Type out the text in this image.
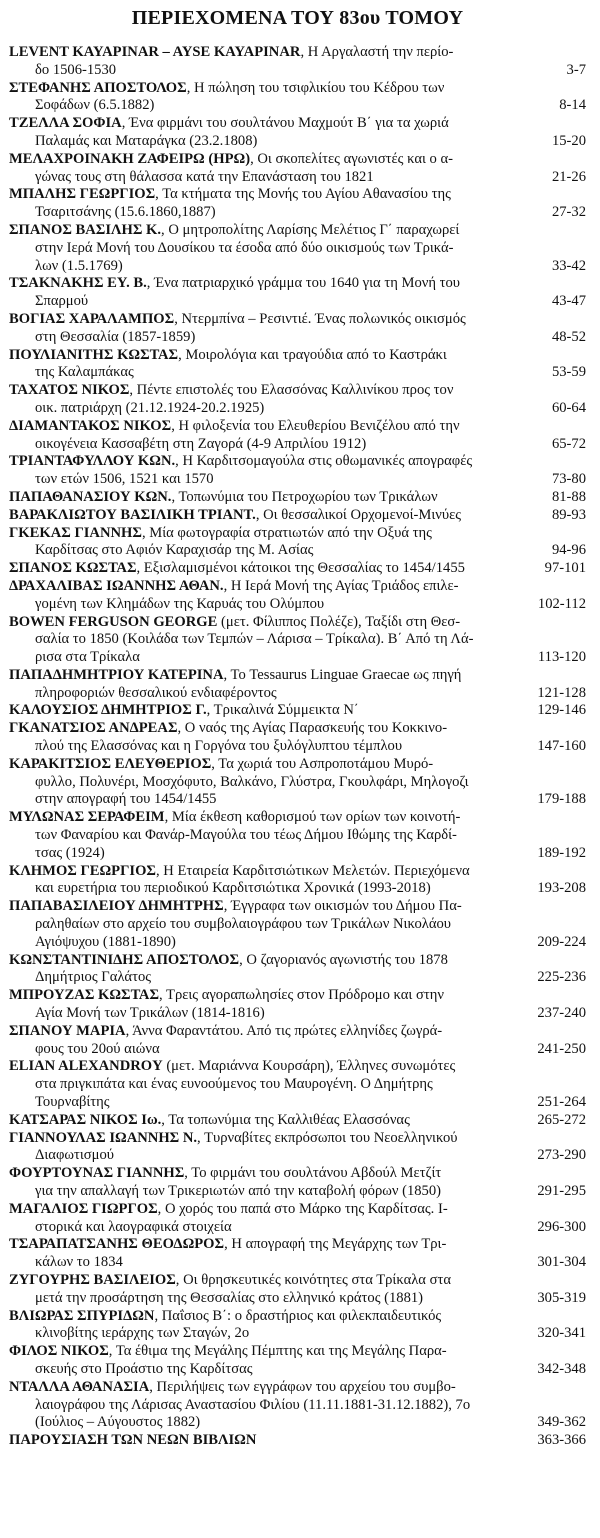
ΠΕΡΙΕΧΟΜΕΝΑ ΤΟΥ 83ου ΤΟΜΟΥ
LEVENT KAYAPINAR – AYSE KAYAPINAR, Η Αργαλαστή την περίο-
δο 1506-1530	3-7
ΣΤΕΦΑΝΗΣ ΑΠΟΣΤΟΛΟΣ, Η πώληση του τσιφλικίου του Κέδρου των
Σοφάδων (6.5.1882)	8-14
ΤΖΕΛΛΑ ΣΟΦΙΑ, Ένα φιρμάνι του σουλτάνου Μαχμούτ Β΄ για τα χωριά
Παλαμάς και Ματαράγκα (23.2.1808)	15-20
ΜΕΛΑΧΡΟΙΝΑΚΗ ΖΑΦΕΙΡΩ (ΗΡΩ), Οι σκοπελίτες αγωνιστές και ο α-
γώνας τους στη θάλασσα κατά την Επανάσταση του 1821	21-26
ΜΠΑΛΗΣ ΓΕΩΡΓΙΟΣ, Τα κτήματα της Μονής του Αγίου Αθανασίου της
Τσαριτσάνης (15.6.1860,1887)	27-32
ΣΠΑΝΟΣ ΒΑΣΙΛΗΣ Κ., Ο μητροπολίτης Λαρίσης Μελέτιος Γ΄ παραχωρεί
στην Ιερά Μονή του Δουσίκου τα έσοδα από δύο οικισμούς των Τρικά-
λων (1.5.1769)	33-42
ΤΣΑΚΝΑΚΗΣ ΕΥ. Β., Ένα πατριαρχικό γράμμα του 1640 για τη Μονή του
Σπαρμού	43-47
ΒΟΓΙΑΣ ΧΑΡΑΛΑΜΠΟΣ, Ντερμπίνα – Ρεσιντιέ. Ένας πολωνικός οικισμός
στη Θεσσαλία (1857-1859)	48-52
ΠΟΥΛΙΑΝΙΤΗΣ ΚΩΣΤΑΣ, Μοιρολόγια και τραγούδια από το Καστράκι
της Καλαμπάκας	53-59
ΤΑΧΑΤΟΣ ΝΙΚΟΣ, Πέντε επιστολές του Ελασσόνας Καλλινίκου προς τον
οικ. πατριάρχη (21.12.1924-20.2.1925)	60-64
ΔΙΑΜΑΝΤΑΚΟΣ ΝΙΚΟΣ, Η φιλοξενία του Ελευθερίου Βενιζέλου από την
οικογένεια Κασσαβέτη στη Ζαγορά (4-9 Απριλίου 1912)	65-72
ΤΡΙΑΝΤΑΦΥΛΛΟΥ ΚΩΝ., Η Καρδιτσομαγούλα στις οθωμανικές απογραφές
των ετών 1506, 1521 και 1570	73-80
ΠΑΠΑΘΑΝΑΣΙΟΥ ΚΩΝ., Τοπωνύμια του Πετροχωρίου των Τρικάλων	81-88
ΒΑΡΑΚΛΙΩΤΟΥ ΒΑΣΙΛΙΚΗ ΤΡΙΑΝΤ., Οι θεσσαλικοί Ορχομενοί-Μινύες	89-93
ΓΚΕΚΑΣ ΓΙΑΝΝΗΣ, Μία φωτογραφία στρατιωτών από την Οξυά της
Καρδίτσας στο Αφιόν Καραχισάρ της Μ. Ασίας	94-96
ΣΠΑΝΟΣ ΚΩΣΤΑΣ, Εξισλαμισμένοι κάτοικοι της Θεσσαλίας το 1454/1455	97-101
ΔΡΑΧΑΛΙΒΑΣ ΙΩΑΝΝΗΣ ΑΘΑΝ., Η Ιερά Μονή της Αγίας Τριάδος επιλε-
γομένη των Κλημάδων της Καρυάς του Ολύμπου	102-112
BOWEN FERGUSON GEORGE (μετ. Φίλιππος Πολέζε), Ταξίδι στη Θεσ-
σαλία το 1850 (Κοιλάδα των Τεμπών – Λάρισα – Τρίκαλα). Β΄ Από τη Λά-
ρισα στα Τρίκαλα	113-120
ΠΑΠΑΔΗΜΗΤΡΙΟΥ ΚΑΤΕΡΙΝΑ, Το Tessaurus Linguae Graecae ως πηγή
πληροφοριών θεσσαλικού ενδιαφέροντος	121-128
ΚΑΛΟΥΣΙΟΣ ΔΗΜΗΤΡΙΟΣ Γ., Τρικαλινά Σύμμεικτα Ν΄	129-146
ΓΚΑΝΑΤΣΙΟΣ ΑΝΔΡΕΑΣ, Ο ναός της Αγίας Παρασκευής του Κοκκινο-
πλού της Ελασσόνας και η Γοργόνα του ξυλόγλυπτου τέμπλου	147-160
ΚΑΡΑΚΙΤΣΙΟΣ ΕΛΕΥΘΕΡΙΟΣ, Τα χωριά του Ασπροποτάμου Μυρό-
φυλλο, Πολυνέρι, Μοσχόφυτο, Βαλκάνο, Γλύστρα, Γκουλφάρι, Μηλογοζι
στην απογραφή του 1454/1455	179-188
ΜΥΛΩΝΑΣ ΣΕΡΑΦΕΙΜ, Μία έκθεση καθορισμού των ορίων των κοινοτή-
των Φαναρίου και Φανάρ-Μαγούλα του τέως Δήμου Ιθώμης της Καρδί-
τσας (1924)	189-192
ΚΛΗΜΟΣ ΓΕΩΡΓΙΟΣ, Η Εταιρεία Καρδιτσιώτικων Μελετών. Περιεχόμενα
και ευρετήρια του περιοδικού Καρδιτσιώτικα Χρονικά (1993-2018)	193-208
ΠΑΠΑΒΑΣΙΛΕΙΟΥ ΔΗΜΗΤΡΗΣ, Έγγραφα των οικισμών του Δήμου Πα-
ραληθαίων στο αρχείο του συμβολαιογράφου των Τρικάλων Νικολάου
Αγιόψυχου (1881-1890)	209-224
ΚΩΝΣΤΑΝΤΙΝΙΔΗΣ ΑΠΟΣΤΟΛΟΣ, Ο ζαγοριανός αγωνιστής του 1878
Δημήτριος Γαλάτος	225-236
ΜΠΡΟΥΖΑΣ ΚΩΣΤΑΣ, Τρεις αγοραπωλησίες στον Πρόδρομο και στην
Αγία Μονή των Τρικάλων (1814-1816)	237-240
ΣΠΑΝΟΥ ΜΑΡΙΑ, Άννα Φαραντάτου. Από τις πρώτες ελληνίδες ζωγρά-
φους του 20ού αιώνα	241-250
ELIAN ALEXANDROY (μετ. Μαριάννα Κουρσάρη), Έλληνες συνωμότες
στα πριγκιπάτα και ένας ευνοούμενος του Μαυρογένη. Ο Δημήτρης
Τουρναβίτης	251-264
ΚΑΤΣΑΡΑΣ ΝΙΚΟΣ Ιω., Τα τοπωνύμια της Καλλιθέας Ελασσόνας	265-272
ΓΙΑΝΝΟΥΛΑΣ ΙΩΑΝΝΗΣ Ν., Τυρναβίτες εκπρόσωποι του Νεοελληνικού
Διαφωτισμού	273-290
ΦΟΥΡΤΟΥΝΑΣ ΓΙΑΝΝΗΣ, Το φιρμάνι του σουλτάνου Αβδούλ Μετζίτ
για την απαλλαγή των Τρικεριωτών από την καταβολή φόρων (1850)	291-295
ΜΑΓΑΛΙΟΣ ΓΙΩΡΓΟΣ, Ο χορός του παπά στο Μάρκο της Καρδίτσας. Ι-
στορικά και λαογραφικά στοιχεία	296-300
ΤΣΑΡΑΠΑΤΣΑΝΗΣ ΘΕΟΔΩΡΟΣ, Η απογραφή της Μεγάρχης των Τρι-
κάλων το 1834	301-304
ΖΥΓΟΥΡΗΣ ΒΑΣΙΛΕΙΟΣ, Οι θρησκευτικές κοινότητες στα Τρίκαλα στα
μετά την προσάρτηση της Θεσσαλίας στο ελληνικό κράτος (1881)	305-319
ΒΛΙΩΡΑΣ ΣΠΥΡΙΔΩΝ, Παΐσιος Β΄: ο δραστήριος και φιλεκπαιδευτικός
κλινοβίτης ιεράρχης των Σταγών, 2ο	320-341
ΦΙΛΟΣ ΝΙΚΟΣ, Τα έθιμα της Μεγάλης Πέμπτης και της Μεγάλης Παρα-
σκευής στο Προάστιο της Καρδίτσας	342-348
ΝΤΑΛΛΑ ΑΘΑΝΑΣΙΑ, Περιλήψεις των εγγράφων του αρχείου του συμβο-
λαιογράφου της Λάρισας Αναστασίου Φιλίου (11.11.1881-31.12.1882), 7ο
(Ιούλιος – Αύγουστος 1882)	349-362
ΠΑΡΟΥΣΙΑΣΗ ΤΩΝ ΝΕΩΝ ΒΙΒΛΙΩΝ	363-366
